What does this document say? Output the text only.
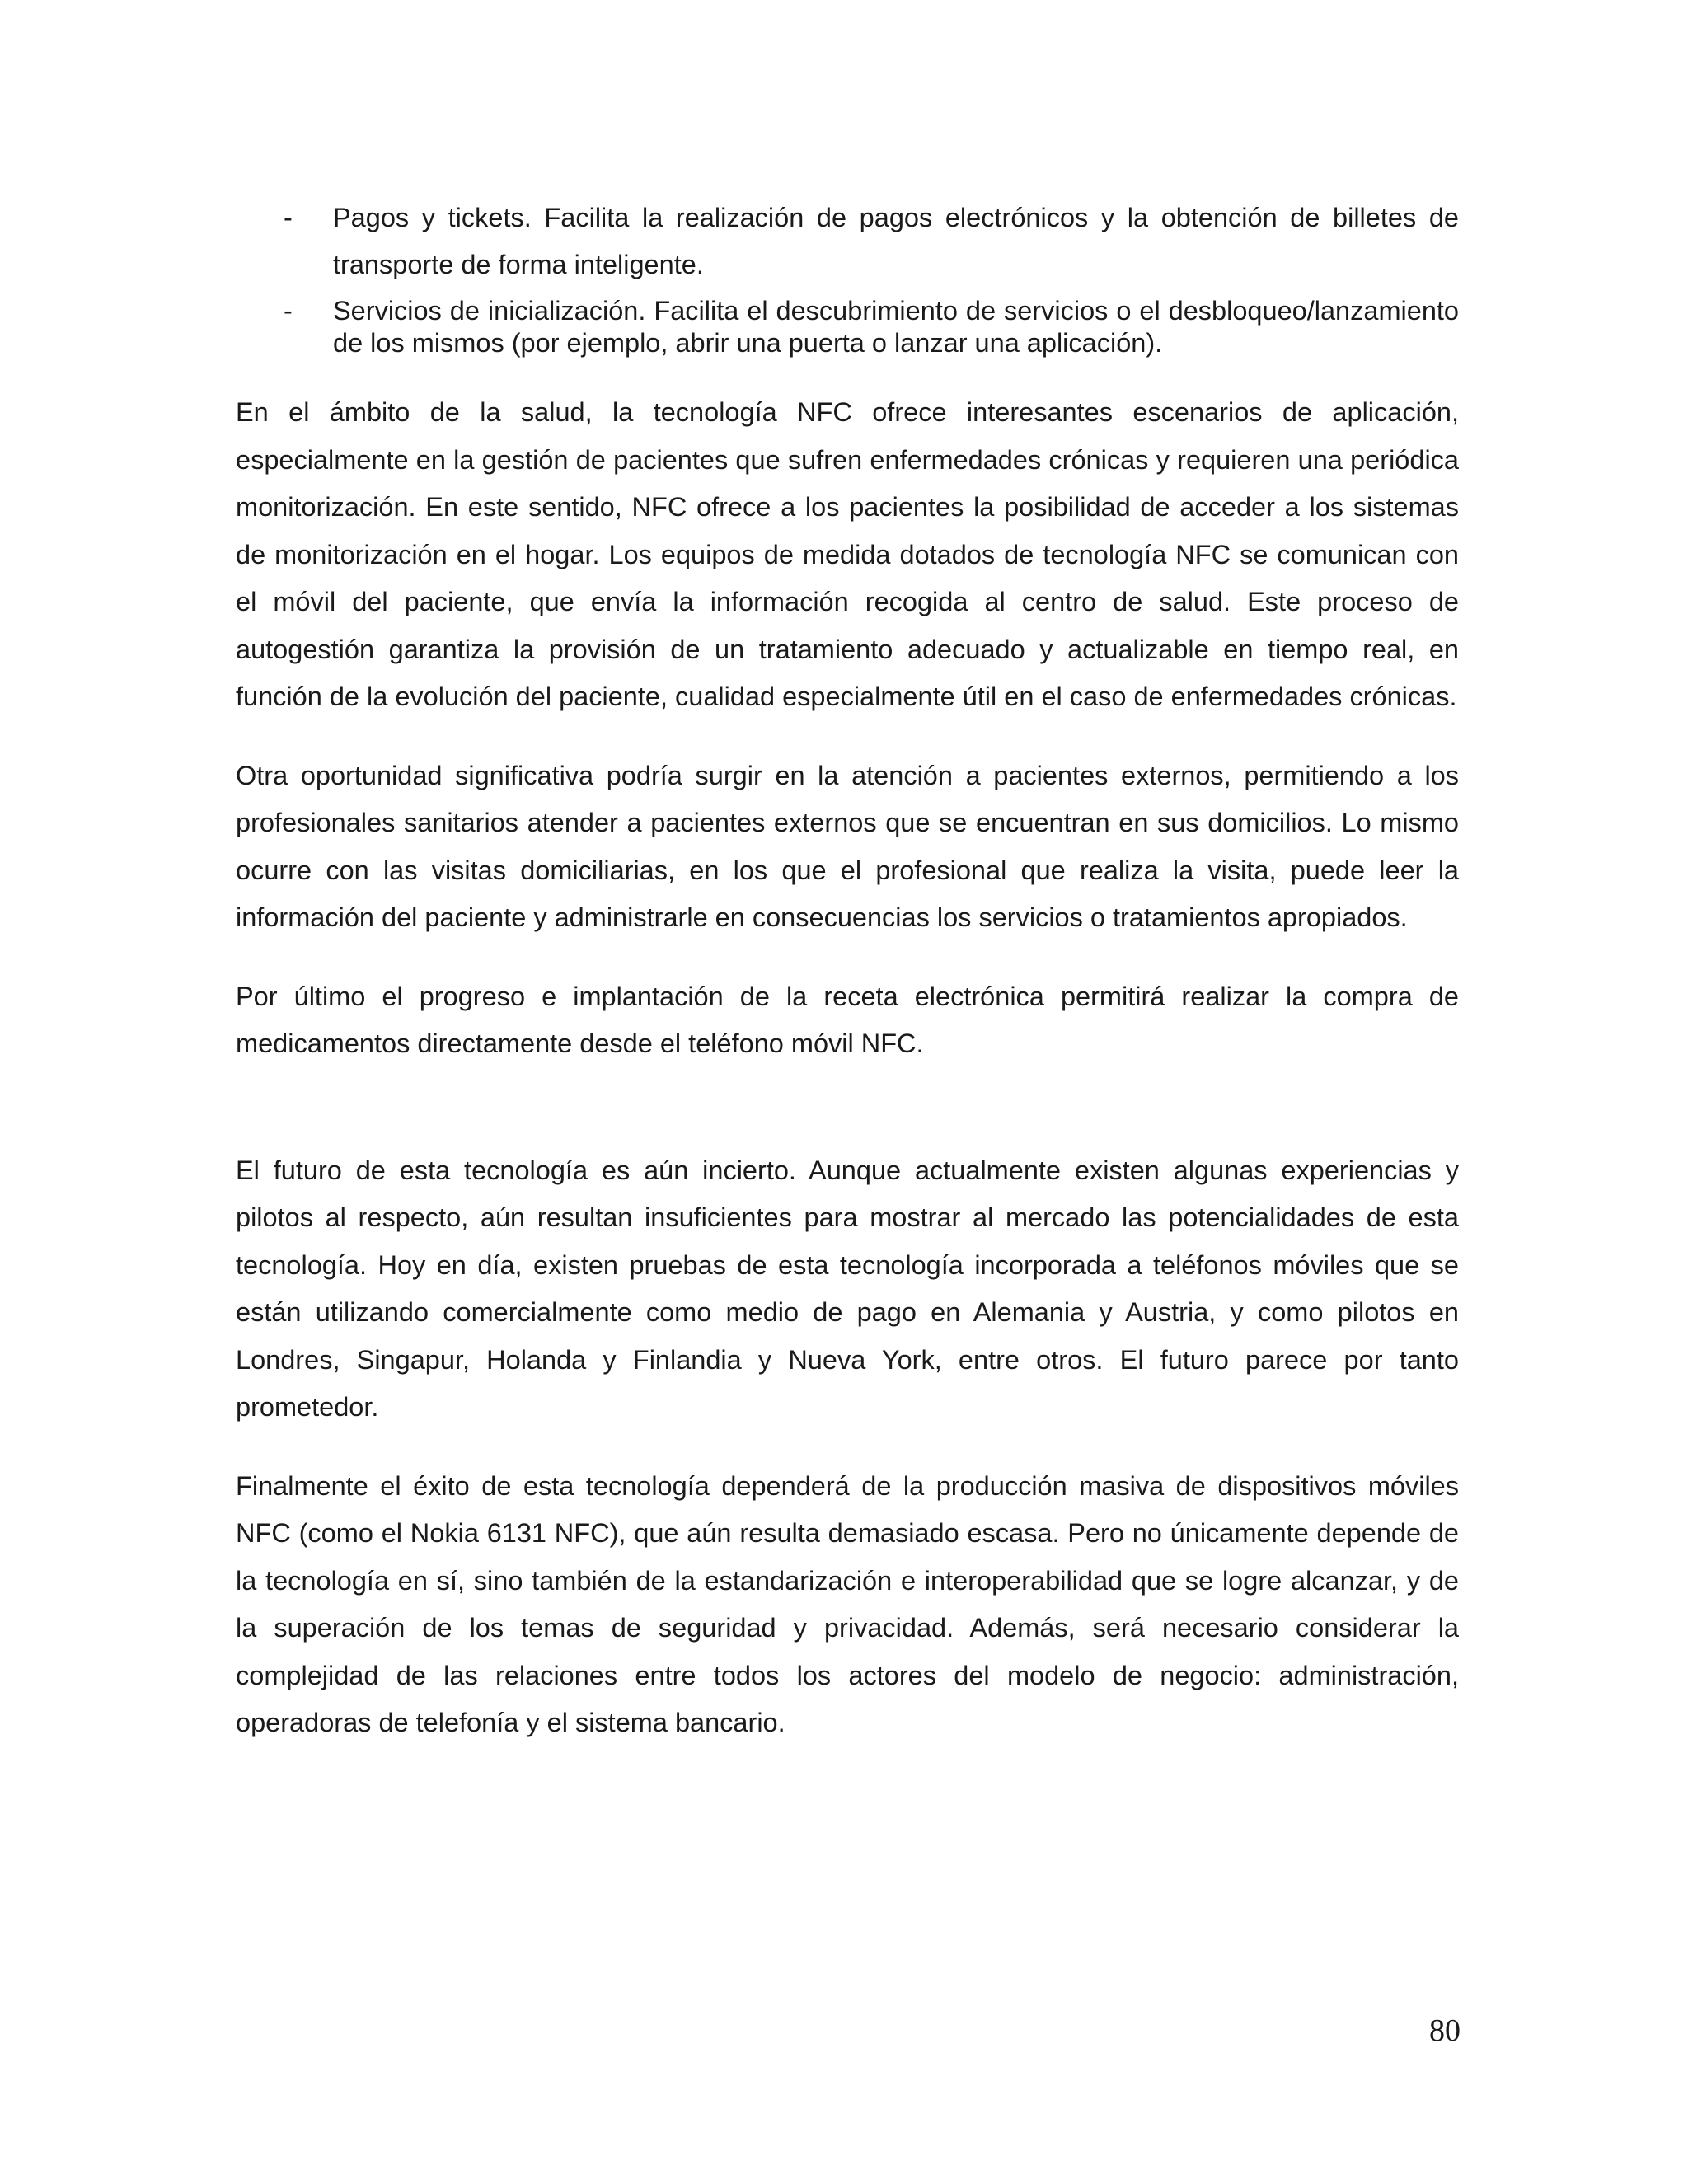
- Pagos y tickets. Facilita la realización de pagos electrónicos y la obtención de billetes de transporte de forma inteligente.
- Servicios de inicialización. Facilita el descubrimiento de servicios o el desbloqueo/lanzamiento de los mismos (por ejemplo, abrir una puerta o lanzar una aplicación).

En el ámbito de la salud, la tecnología NFC ofrece interesantes escenarios de aplicación, especialmente en la gestión de pacientes que sufren enfermedades crónicas y requieren una periódica monitorización. En este sentido, NFC ofrece a los pacientes la posibilidad de acceder a los sistemas de monitorización en el hogar. Los equipos de medida dotados de tecnología NFC se comunican con el móvil del paciente, que envía la información recogida al centro de salud. Este proceso de autogestión garantiza la provisión de un tratamiento adecuado y actualizable en tiempo real, en función de la evolución del paciente, cualidad especialmente útil en el caso de enfermedades crónicas.

Otra oportunidad significativa podría surgir en la atención a pacientes externos, permitiendo a los profesionales sanitarios atender a pacientes externos que se encuentran en sus domicilios. Lo mismo ocurre con las visitas domiciliarias, en los que el profesional que realiza la visita, puede leer la información del paciente y administrarle en consecuencias los servicios o tratamientos apropiados.

Por último el progreso e implantación de la receta electrónica permitirá realizar la compra de medicamentos directamente desde el teléfono móvil NFC.

El futuro de esta tecnología es aún incierto. Aunque actualmente existen algunas experiencias y pilotos al respecto, aún resultan insuficientes para mostrar al mercado las potencialidades de esta tecnología. Hoy en día, existen pruebas de esta tecnología incorporada a teléfonos móviles que se están utilizando comercialmente como medio de pago en Alemania y Austria, y como pilotos en Londres, Singapur, Holanda y Finlandia y Nueva York, entre otros. El futuro parece por tanto prometedor.

Finalmente el éxito de esta tecnología dependerá de la producción masiva de dispositivos móviles NFC (como el Nokia 6131 NFC), que aún resulta demasiado escasa. Pero no únicamente depende de la tecnología en sí, sino también de la estandarización e interoperabilidad que se logre alcanzar, y de la superación de los temas de seguridad y privacidad. Además, será necesario considerar la complejidad de las relaciones entre todos los actores del modelo de negocio: administración, operadoras de telefonía y el sistema bancario.

80
